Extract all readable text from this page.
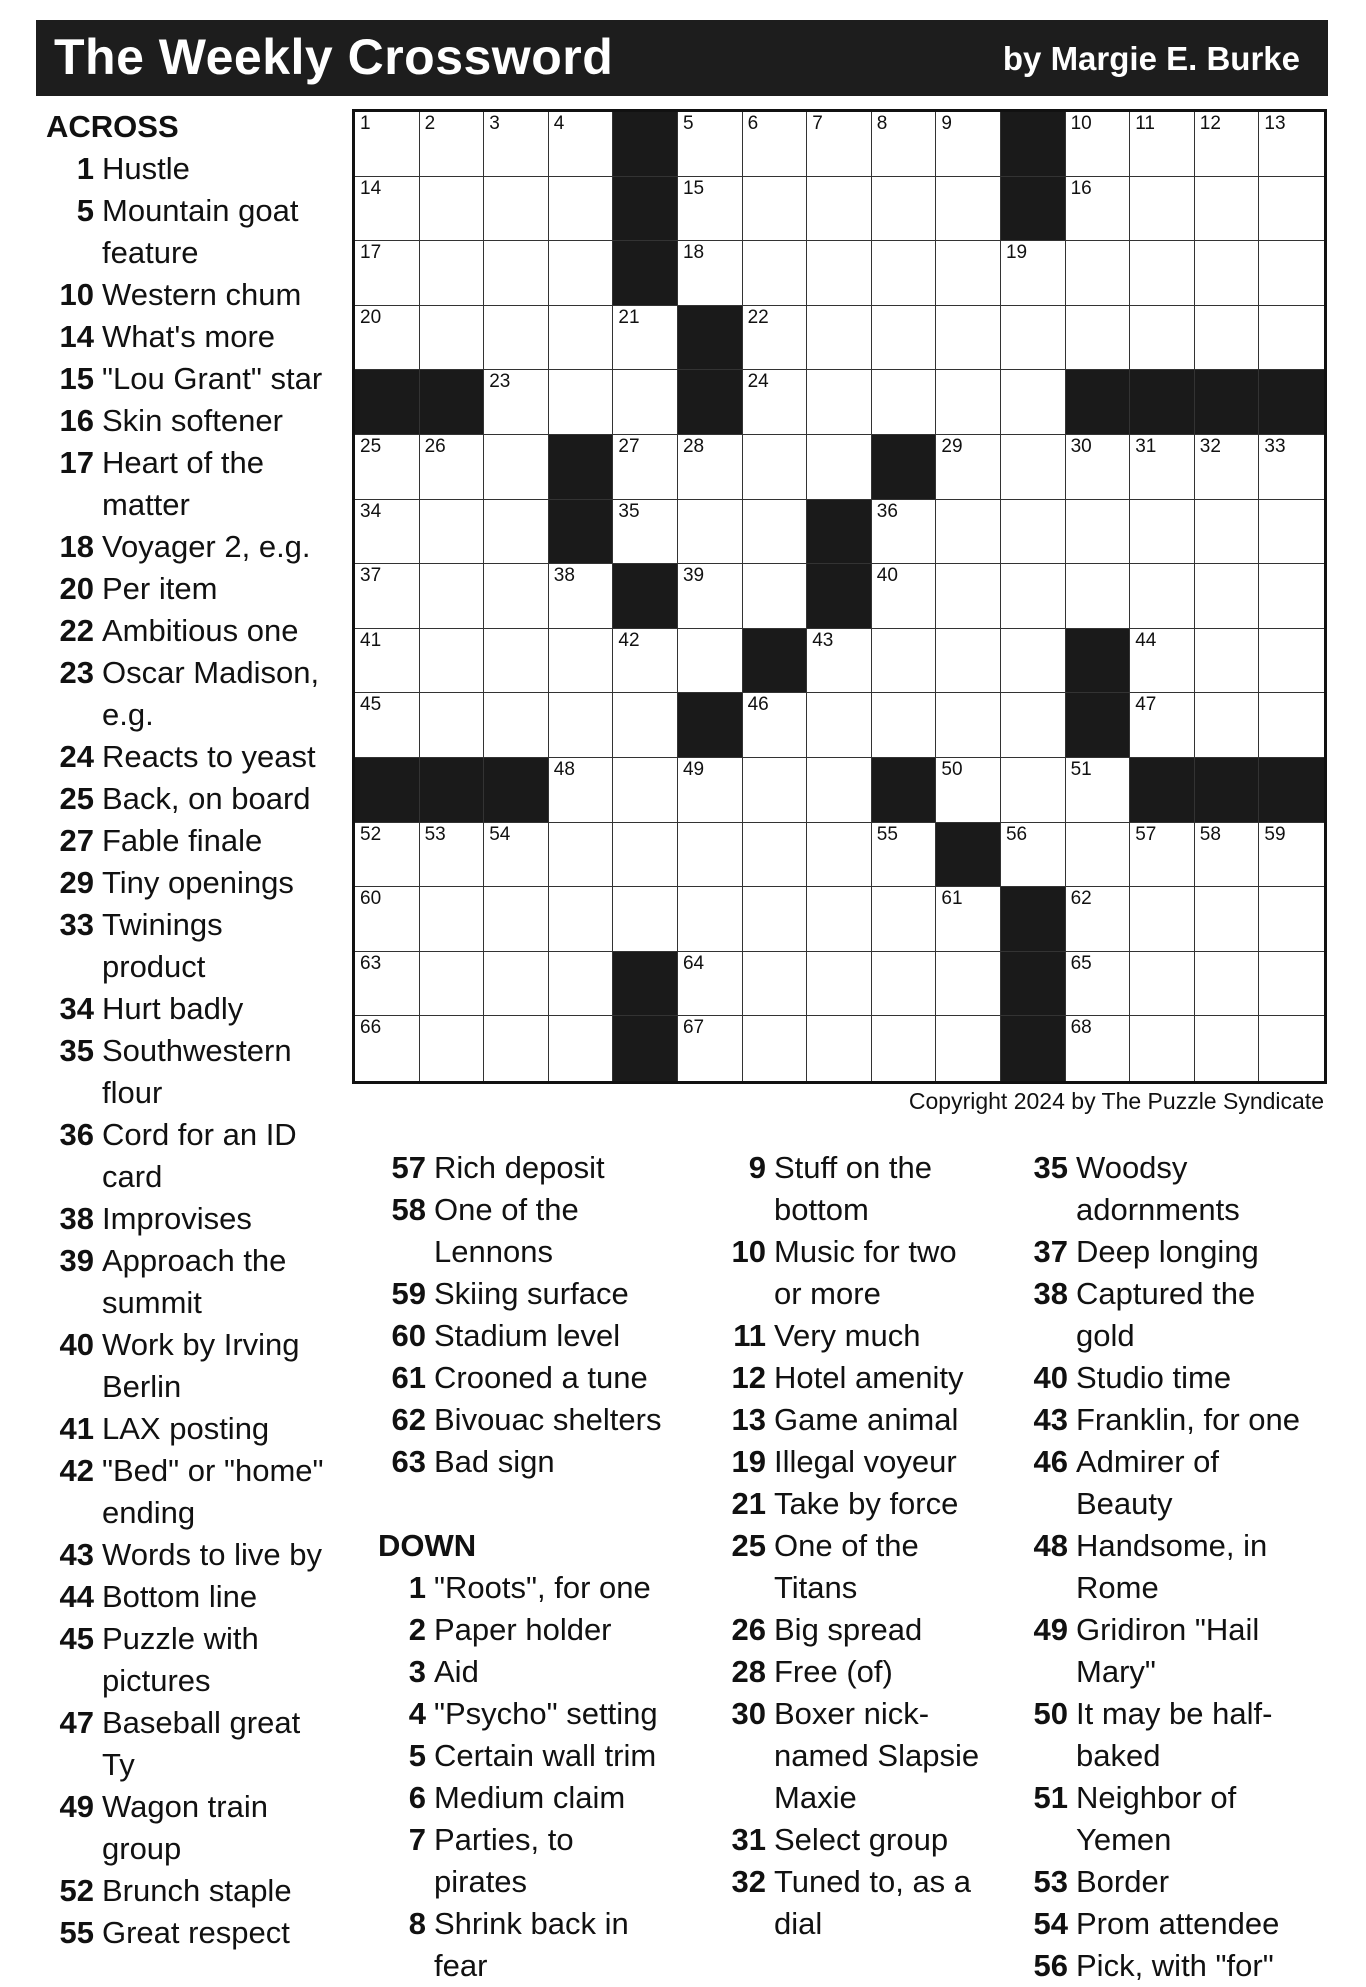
The Weekly Crossword	by Margie E. Burke
1	2	3	4	5	6	7	8	9	10 11 12 13
14	15	16
17	18	19
20	21	22
23	24
25 26	27 28	29	30 31 32 33
34	35	36
37	38	39	40
41	42	43	44
45	46	47
48	49	50	51
52 53 54	55	56	57 58 59
60	61	62
63	64	65
66	67	68
Copyright 2024 by The Puzzle Syndicate
ACROSS
1 Hustle
5 Mountain goat
feature
10 Western chum
14 What's more
15 "Lou Grant" star
16 Skin softener
17 Heart of the
matter
18 Voyager 2, e.g.
20 Per item
22 Ambitious one
23 Oscar Madison,
e.g.
24 Reacts to yeast
25 Back, on board
27 Fable finale
29 Tiny openings
33 Twinings
product
34 Hurt badly
35 Southwestern
flour
36 Cord for an ID
card
38 Improvises
39 Approach the
summit
40 Work by Irving
Berlin
41 LAX posting
42 "Bed" or "home"
ending
43 Words to live by
44 Bottom line
45 Puzzle with
pictures
47 Baseball great
Ty
49 Wagon train
group
52 Brunch staple
55 Great respect
57 Rich deposit
58 One of the
Lennons
59 Skiing surface
60 Stadium level
61 Crooned a tune
62 Bivouac shelters
63 Bad sign
DOWN
1 "Roots", for one
2 Paper holder
3 Aid
4 "Psycho" setting
5 Certain wall trim
6 Medium claim
7 Parties, to
pirates
8 Shrink back in
fear
9 Stuff on the
bottom
10 Music for two
or more
11 Very much
12 Hotel amenity
13 Game animal
19 Illegal voyeur
21 Take by force
25 One of the
Titans
26 Big spread
28 Free (of)
30 Boxer nick-
named Slapsie
Maxie
31 Select group
32 Tuned to, as a
dial
35 Woodsy
adornments
37 Deep longing
38 Captured the
gold
40 Studio time
43 Franklin, for one
46 Admirer of
Beauty
48 Handsome, in
Rome
49 Gridiron "Hail
Mary"
50 It may be half-
baked
51 Neighbor of
Yemen
53 Border
54 Prom attendee
56 Pick, with "for"
